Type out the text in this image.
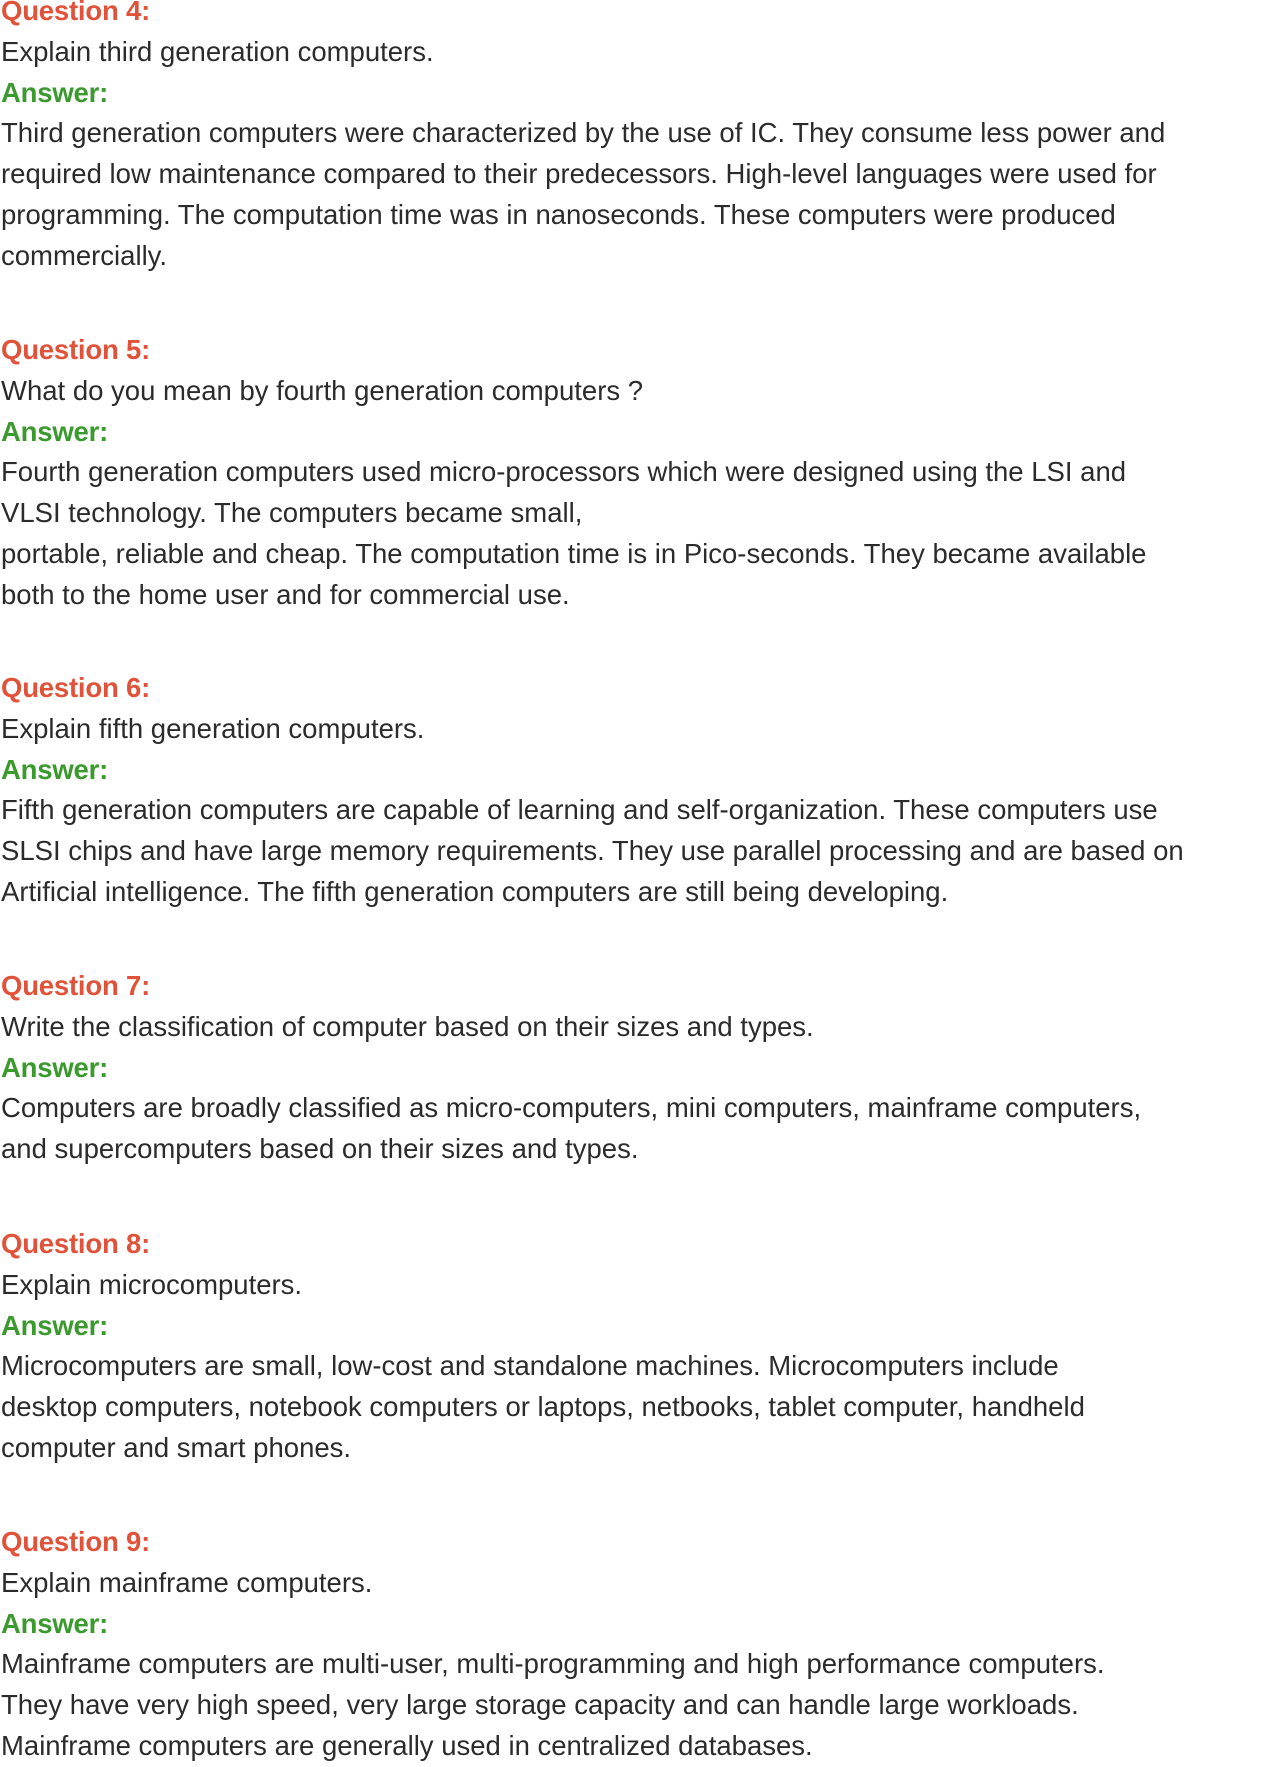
Question 4:
Explain third generation computers.
Answer:
Third generation computers were characterized by the use of IC. They consume less power and
required low maintenance compared to their predecessors. High-level languages were used for
programming. The computation time was in nanoseconds. These computers were produced
commercially.
Question 5:
What do you mean by fourth generation computers ?
Answer:
Fourth generation computers used micro-processors which were designed using the LSI and
VLSI technology. The computers became small,
portable, reliable and cheap. The computation time is in Pico-seconds. They became available
both to the home user and for commercial use.
Question 6:
Explain fifth generation computers.
Answer:
Fifth generation computers are capable of learning and self-organization. These computers use
SLSI chips and have large memory requirements. They use parallel processing and are based on
Artificial intelligence. The fifth generation computers are still being developing.
Question 7:
Write the classification of computer based on their sizes and types.
Answer:
Computers are broadly classified as micro-computers, mini computers, mainframe computers,
and supercomputers based on their sizes and types.
Question 8:
Explain microcomputers.
Answer:
Microcomputers are small, low-cost and standalone machines. Microcomputers include
desktop computers, notebook computers or laptops, netbooks, tablet computer, handheld
computer and smart phones.
Question 9:
Explain mainframe computers.
Answer:
Mainframe computers are multi-user, multi-programming and high performance computers.
They have very high speed, very large storage capacity and can handle large workloads.
Mainframe computers are generally used in centralized databases.
